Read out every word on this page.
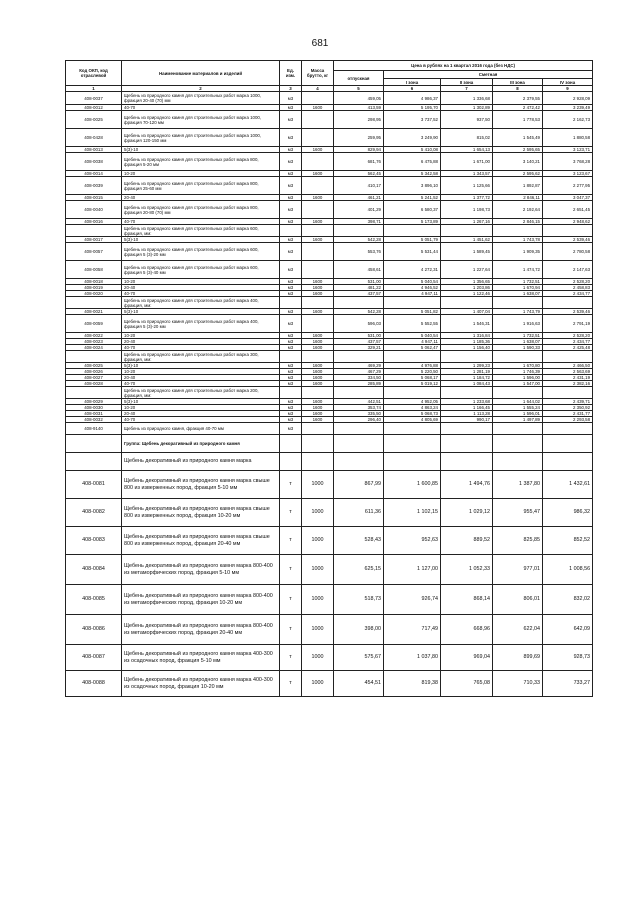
681
Код ОКП, код отраслевой	Наименование материалов и изделий	Ед. изм.	Масса брутто, кг	Цена в рублях на 1 квартал 2016 года (без НДС)				
				отпускная	Сметная			
					I зона	II зона	III зона	IV зона
1	2	3	4	5	6	7	8	9
408-0037	Щебень из природного камня для строительных работ марка 1000, фракция 20-40 (70) мм	м3		459,05	4 986,37	1 336,68	2 379,55	2 928,09
408-0012	40-70	м3	1600	413,59	5 195,70	1 302,89	2 472,42	3 239,49
408-0025	Щебень из природного камня для строительных работ марка 1000, фракция 70-120 мм	м3		298,95	3 737,52	937,50	1 778,53	2 162,73
408-0428	Щебень из природного камня для строительных работ марка 1000, фракция 120-150 мм	м3		259,95	3 249,90	815,02	1 545,49	1 880,58
408-0013	5(3)-10	м3	1600	829,94	5 410,08	1 654,13	2 595,65	3 123,71
408-0038	Щебень из природного камня для строительных работ марка 800, фракция 5-20 мм	м3		681,76	6 475,88	1 671,00	3 140,21	3 768,28
408-0014	10-20	м3	1600	562,45	5 342,58	1 343,57	2 595,62	3 123,67
408-0039	Щебень из природного камня для строительных работ марка 800, фракция 25-60 мм	м3		410,17	3 896,10	1 125,66	1 892,87	2 277,95
408-0015	20-40	м3	1600	461,21	5 241,52	1 377,72	2 846,11	3 047,37
408-0040	Щебень из природного камня для строительных работ марка 800, фракция 20-80 (70) мм	м3		401,29	6 580,37	1 198,73	2 192,64	2 651,45
408-0016	40-70	м3	1600	398,71	5 173,89	1 267,16	2 846,15	2 948,62
	Щебень из природного камня для строительных работ марка 600, фракция, мм:							
408-0017	5(3)-10	м3	1600	542,28	5 051,79	1 451,62	1 743,78	2 539,46
408-0057	Щебень из природного камня для строительных работ марка 600, фракция 5 (3)-20 мм	м3		553,76	5 531,44	1 589,45	1 909,35	2 780,58
408-0058	Щебень из природного камня для строительных работ марка 600, фракция 5 (3)-40 мм	м3		458,61	4 272,31	1 227,64	1 474,72	2 147,63
408-0018	10-20	м3	1600	531,00	5 040,54	1 356,65	1 732,51	2 528,20
408-0019	20-40	м3	1600	481,22	4 946,52	1 203,86	1 670,94	2 458,83
408-0020	40-70	м3	1600	437,57	4 947,11	1 122,46	1 638,07	2 434,77
	Щебень из природного камня для строительных работ марка 400, фракция, мм:							
408-0021	5(3)-10	м3	1600	542,28	5 051,82	1 407,04	1 743,79	2 539,46
408-0059	Щебень из природного камня для строительных работ марка 400, фракция 5 (3)-20 мм	м3		596,03	5 552,55	1 546,31	1 916,63	2 791,19
408-0022	10-20	м3	1600	531,00	5 040,54	1 316,84	1 732,51	2 528,20
408-0023	20-40	м3	1600	437,57	4 947,11	1 185,36	1 638,07	2 434,77
408-0024	40-70	м3	1600	329,21	5 062,47	1 156,40	1 590,33	2 425,48
	Щебень из природного камня для строительных работ марка 300, фракция, мм:							
408-0025	5(3)-10	м3	1600	469,29	4 976,88	1 299,23	1 670,80	2 466,50
408-0026	10-20	м3	1600	467,29	5 220,50	1 281,19	1 746,39	2 563,69
408-0027	20-40	м3	1600	334,50	5 068,17	1 184,72	1 596,00	2 431,19
408-0028	40-70	м3	1600	285,89	5 019,12	1 084,43	1 547,00	2 382,16
	Щебень из природного камня для строительных работ марка 200, фракция, мм:							
408-0029	5(3)-10	м3	1600	442,51	4 952,05	1 233,68	1 644,02	2 439,71
408-0030	10-20	м3	1600	353,74	4 863,24	1 166,45	1 555,24	2 350,92
408-0031	20-40	м3	1600	335,50	5 068,73	1 113,28	1 596,01	2 431,77
408-0032	40-70	м3	1600	296,40	4 805,69	990,17	1 497,89	2 293,58
408-9140	Щебень из природного камня, фракция 40-70 мм	м3						
	Группа: Щебень декоративный из природного камня							
	Щебень декоративный из природного камня марка							
408-0081	Щебень декоративный из природного камня марка свыше 800 из изверженных пород, фракция 5-10 мм	т	1000	867,99	1 600,85	1 494,76	1 387,80	1 432,61
408-0082	Щебень декоративный из природного камня марка свыше 800 из изверженных пород, фракция 10-20 мм	т	1000	611,36	1 102,15	1 029,12	955,47	986,32
408-0083	Щебень декоративный из природного камня марка свыше 800 из изверженных пород, фракция 20-40 мм	т	1000	528,43	952,63	889,52	825,85	852,52
408-0084	Щебень декоративный из природного камня марка 800-400 из метаморфических пород, фракция 5-10 мм	т	1000	625,15	1 127,00	1 052,33	977,01	1 008,56
408-0085	Щебень декоративный из природного камня марка 800-400 из метаморфических пород, фракция 10-20 мм	т	1000	518,73	926,74	868,14	806,01	832,02
408-0086	Щебень декоративный из природного камня марка 800-400 из метаморфических пород, фракция 20-40 мм	т	1000	398,00	717,49	668,96	622,04	642,09
408-0087	Щебень декоративный из природного камня марка 400-300 из осадочных пород, фракция 5-10 мм	т	1000	575,67	1 037,80	969,04	899,69	928,73
408-0088	Щебень декоративный из природного камня марка 400-300 из осадочных пород, фракция 10-20 мм	т	1000	454,51	819,38	765,08	710,33	733,27
